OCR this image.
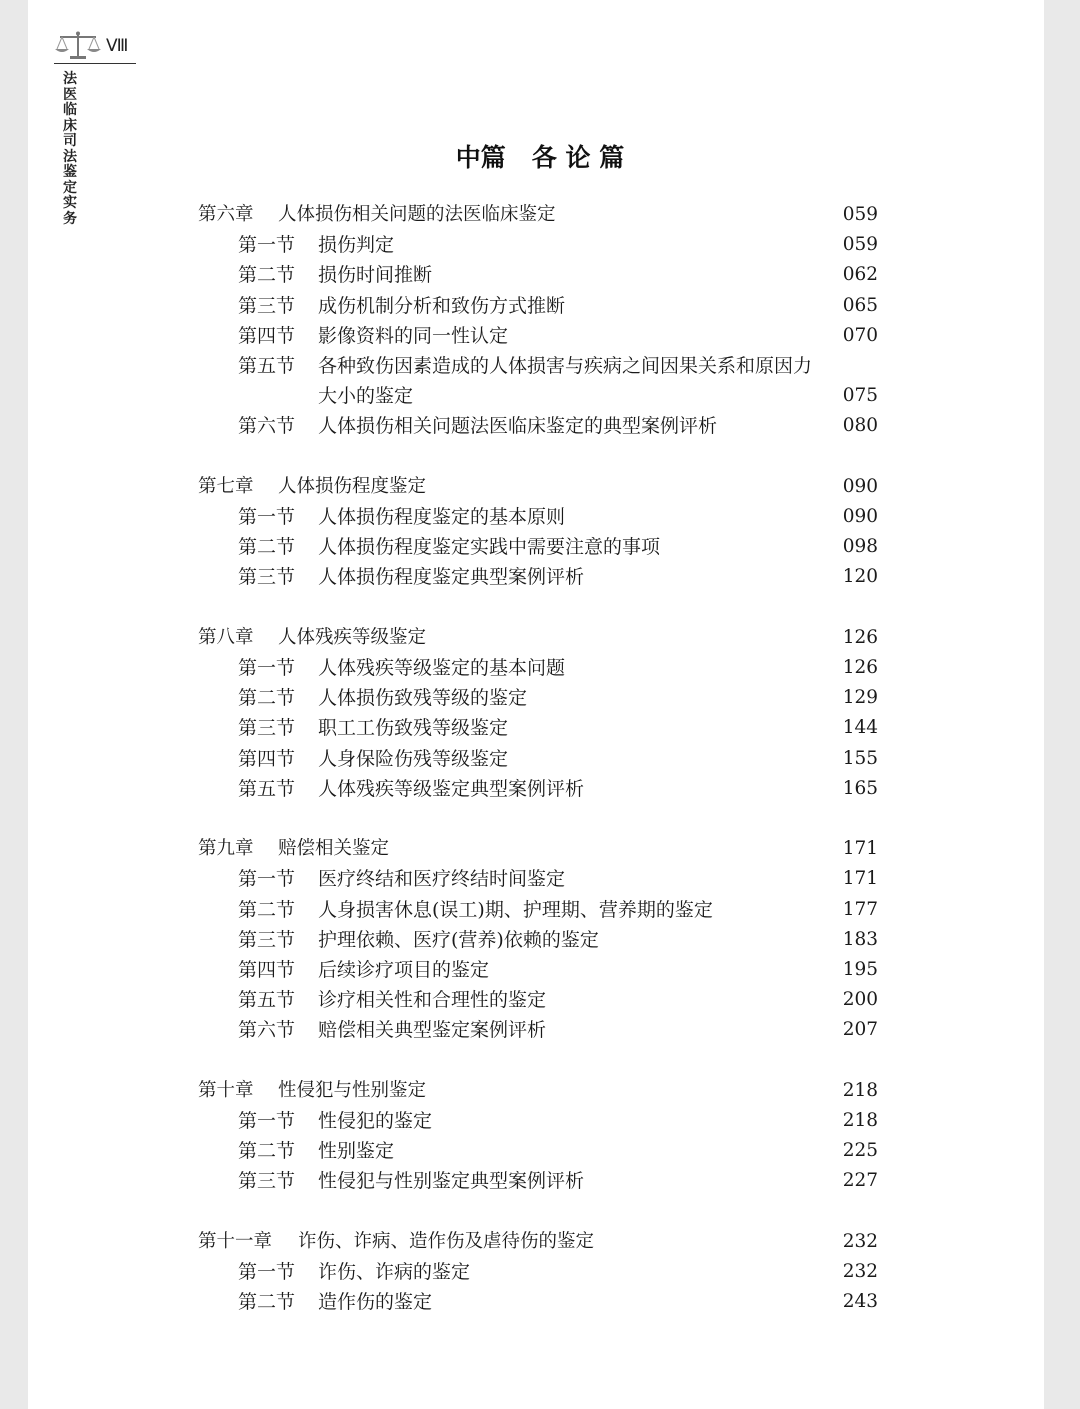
Ⅷ
法
医
临
床
司
法
鉴
定
实
务
中篇 各 论 篇
第六章 人体损伤相关问题的法医临床鉴定	059
第一节 损伤判定	059
第二节 损伤时间推断	062
第三节 成伤机制分析和致伤方式推断	065
第四节 影像资料的同一性认定	070
第五节 各种致伤因素造成的人体损害与疾病之间因果关系和原因力
大小的鉴定	075
第六节 人体损伤相关问题法医临床鉴定的典型案例评析	080
第七章 人体损伤程度鉴定	090
第一节 人体损伤程度鉴定的基本原则	090
第二节 人体损伤程度鉴定实践中需要注意的事项	098
第三节 人体损伤程度鉴定典型案例评析	120
第八章 人体残疾等级鉴定	126
第一节 人体残疾等级鉴定的基本问题	126
第二节 人体损伤致残等级的鉴定	129
第三节 职工工伤致残等级鉴定	144
第四节 人身保险伤残等级鉴定	155
第五节 人体残疾等级鉴定典型案例评析	165
第九章 赔偿相关鉴定	171
第一节 医疗终结和医疗终结时间鉴定	171
第二节 人身损害休息(误工)期、护理期、营养期的鉴定	177
第三节 护理依赖、医疗(营养)依赖的鉴定	183
第四节 后续诊疗项目的鉴定	195
第五节 诊疗相关性和合理性的鉴定	200
第六节 赔偿相关典型鉴定案例评析	207
第十章 性侵犯与性别鉴定	218
第一节 性侵犯的鉴定	218
第二节 性别鉴定	225
第三节 性侵犯与性别鉴定典型案例评析	227
第十一章 诈伤、诈病、造作伤及虐待伤的鉴定	232
第一节 诈伤、诈病的鉴定	232
第二节 造作伤的鉴定	243
